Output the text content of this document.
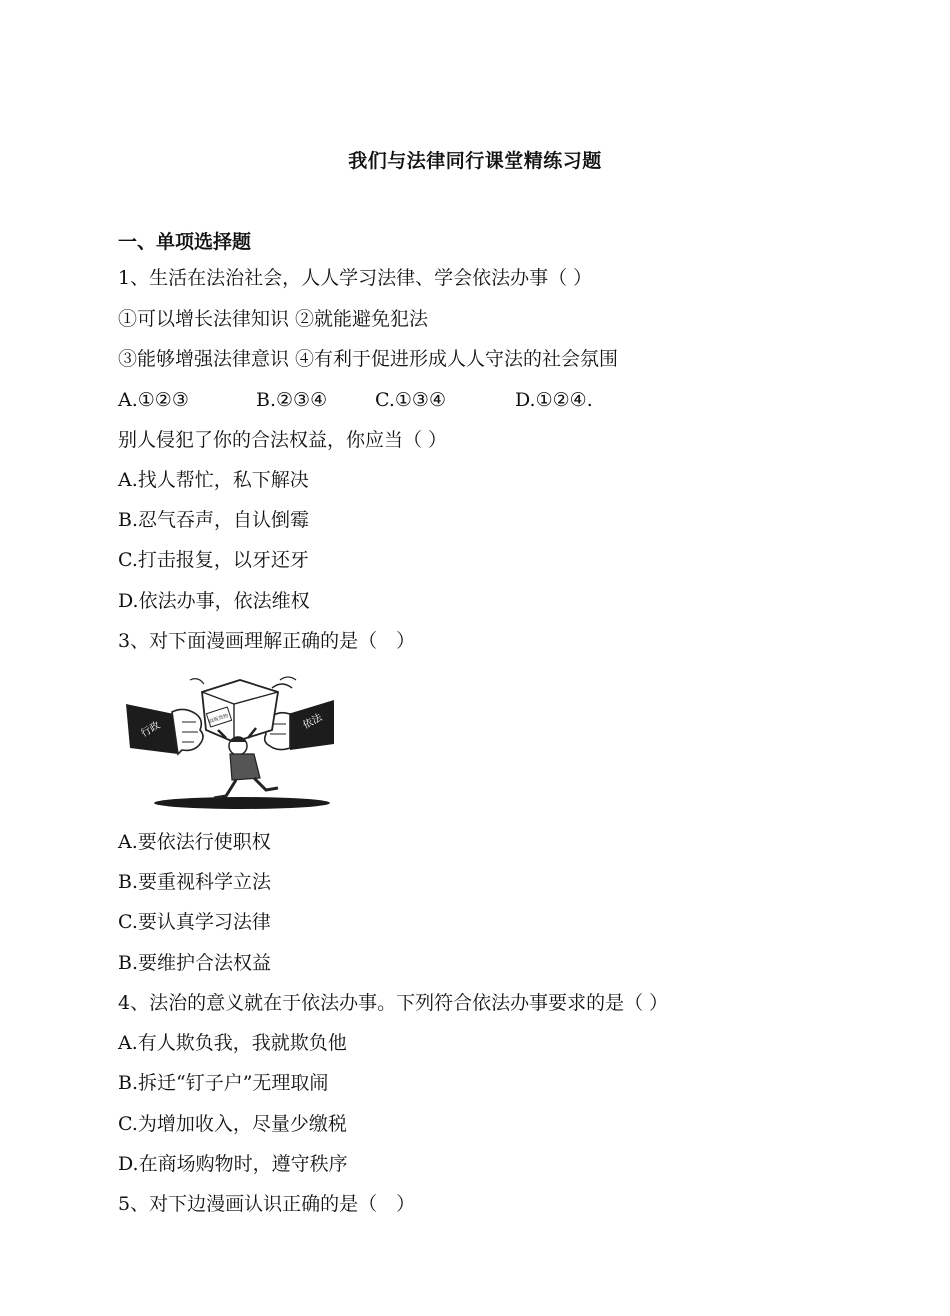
我们与法律同行课堂精练习题
一、单项选择题
1、生活在法治社会，人人学习法律、学会依法办事（ ）
①可以增长法律知识 ②就能避免犯法
③能够增强法律意识 ④有利于促进形成人人守法的社会氛围
A.①②③	B.②③④	C.①③④	D.①②④.
别人侵犯了你的合法权益，你应当（ ）
A.找人帮忙，私下解决
B.忍气吞声，自认倒霉
C.打击报复，以牙还牙
D.依法办事，依法维权
3、对下面漫画理解正确的是（　）
行政	依法
商贩货物
A.要依法行使职权
B.要重视科学立法
C.要认真学习法律
B.要维护合法权益
4、法治的意义就在于依法办事。下列符合依法办事要求的是（ ）
A.有人欺负我，我就欺负他
B.拆迁“钉子户”无理取闹
C.为增加收入，尽量少缴税
D.在商场购物时，遵守秩序
5、对下边漫画认识正确的是（　）
